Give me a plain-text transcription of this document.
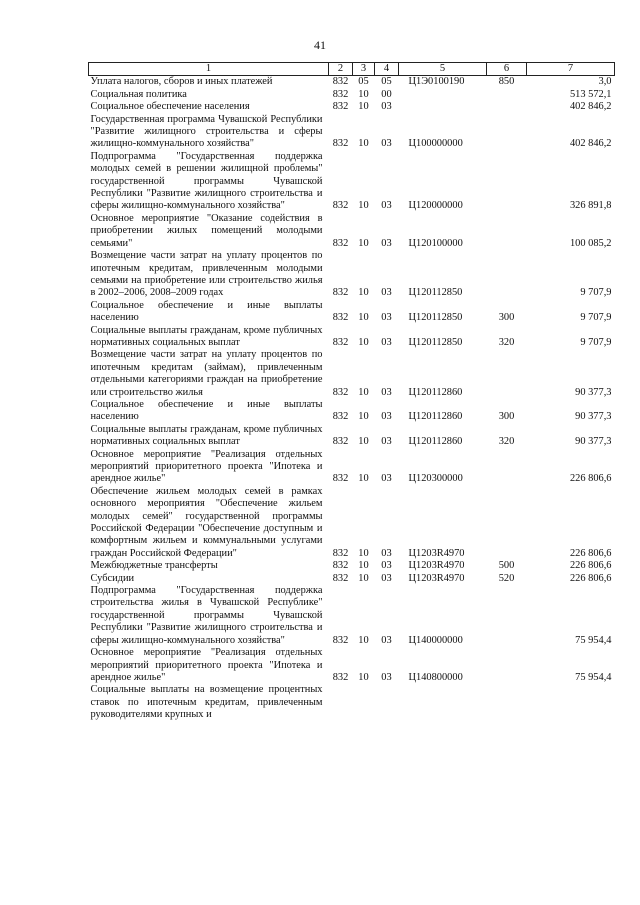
41
1	2	3	4	5	6	7
Уплата налогов, сборов и иных платежей	832	05	05	Ц1Э0100190	850	3,0
Социальная политика	832	10	00			513 572,1
Социальное обеспечение населения	832	10	03			402 846,2
Государственная программа Чувашской Республики "Развитие жилищного строительства и сферы жилищно-коммунального хозяйства"	832	10	03	Ц100000000		402 846,2
Подпрограмма "Государственная поддержка молодых семей в решении жилищной проблемы" государственной программы Чувашской Республики "Развитие жилищного строительства и сферы жилищно-коммунального хозяйства"	832	10	03	Ц120000000		326 891,8
Основное мероприятие "Оказание содействия в приобретении жилых помещений молодыми семьями"	832	10	03	Ц120100000		100 085,2
Возмещение части затрат на уплату процентов по ипотечным кредитам, привлеченным молодыми семьями на приобретение или строительство жилья в 2002–2006, 2008–2009 годах	832	10	03	Ц120112850		9 707,9
Социальное обеспечение и иные выплаты населению	832	10	03	Ц120112850	300	9 707,9
Социальные выплаты гражданам, кроме публичных нормативных социальных выплат	832	10	03	Ц120112850	320	9 707,9
Возмещение части затрат на уплату процентов по ипотечным кредитам (займам), привлеченным отдельными категориями граждан на приобретение или строительство жилья	832	10	03	Ц120112860		90 377,3
Социальное обеспечение и иные выплаты населению	832	10	03	Ц120112860	300	90 377,3
Социальные выплаты гражданам, кроме публичных нормативных социальных выплат	832	10	03	Ц120112860	320	90 377,3
Основное мероприятие "Реализация отдельных мероприятий приоритетного проекта "Ипотека и арендное жилье"	832	10	03	Ц120300000		226 806,6
Обеспечение жильем молодых семей в рамках основного мероприятия "Обеспечение жильем молодых семей" государственной программы Российской Федерации "Обеспечение доступным и комфортным жильем и коммунальными услугами граждан Российской Федерации"	832	10	03	Ц1203R4970		226 806,6
Межбюджетные трансферты	832	10	03	Ц1203R4970	500	226 806,6
Субсидии	832	10	03	Ц1203R4970	520	226 806,6
Подпрограмма "Государственная поддержка строительства жилья в Чувашской Республике" государственной программы Чувашской Республики "Развитие жилищного строительства и сферы жилищно-коммунального хозяйства"	832	10	03	Ц140000000		75 954,4
Основное мероприятие "Реализация отдельных мероприятий приоритетного проекта "Ипотека и арендное жилье"	832	10	03	Ц140800000		75 954,4
Социальные выплаты на возмещение процентных ставок по ипотечным кредитам, привлеченным руководителями крупных и						
